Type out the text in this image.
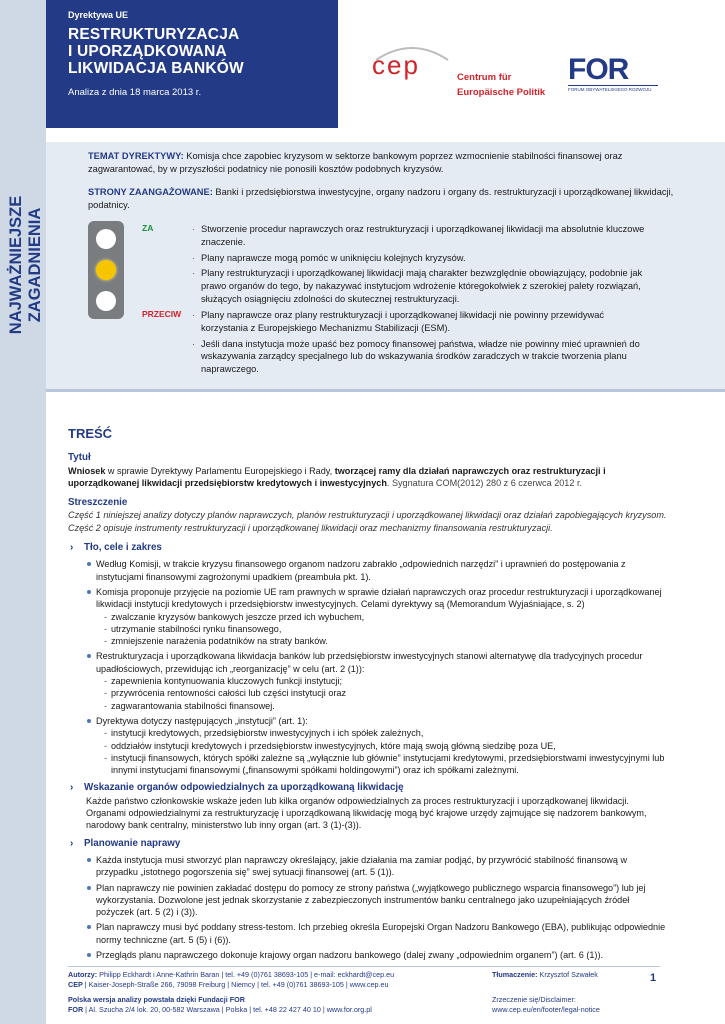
Dyrektywa UE
RESTRUKTURYZACJA
I UPORZĄDKOWANA
LIKWIDACJA BANKÓW
Analiza z dnia 18 marca 2013 r.
cep	Centrum für
Europäische Politik
FOR
FORUM OBYWATELSKIEGO ROZWOJU
NAJWAŻNIEJSZE ZAGADNIENIA
TEMAT DYREKTYWY: Komisja chce zapobiec kryzysom w sektorze bankowym poprzez wzmocnienie stabilności finansowej oraz zagwarantować, by w przyszłości podatnicy nie ponosili kosztów podobnych kryzysów.
STRONY ZAANGAŻOWANE: Banki i przedsiębiorstwa inwestycyjne, organy nadzoru i organy ds. restrukturyzacji i uporządkowanej likwidacji, podatnicy.
ZA
PRZECIW
· Stworzenie procedur naprawczych oraz restrukturyzacji i uporządkowanej likwidacji ma absolutnie kluczowe znaczenie.
· Plany naprawcze mogą pomóc w uniknięciu kolejnych kryzysów.
· Plany restrukturyzacji i uporządkowanej likwidacji mają charakter bezwzględnie obowiązujący, podobnie jak prawo organów do tego, by nakazywać instytucjom wdrożenie któregokolwiek z szerokiej palety rozwiązań, służących osiągnięciu zdolności do skutecznej restrukturyzacji.
· Plany naprawcze oraz plany restrukturyzacji i uporządkowanej likwidacji nie powinny przewidywać korzystania z Europejskiego Mechanizmu Stabilizacji (ESM).
· Jeśli dana instytucja może upaść bez pomocy finansowej państwa, władze nie powinny mieć uprawnień do wskazywania zarządcy specjalnego lub do wskazywania środków zaradczych w trakcie tworzenia planu naprawczego.
TREŚĆ
Tytuł
Wniosek w sprawie Dyrektywy Parlamentu Europejskiego i Rady, tworzącej ramy dla działań naprawczych oraz restrukturyzacji i uporządkowanej likwidacji przedsiębiorstw kredytowych i inwestycyjnych. Sygnatura COM(2012) 280 z 6 czerwca 2012 r.
Streszczenie
Część 1 niniejszej analizy dotyczy planów naprawczych, planów restrukturyzacji i uporządkowanej likwidacji oraz działań zapobiegających kryzysom. Część 2 opisuje instrumenty restrukturyzacji i uporządkowanej likwidacji oraz mechanizmy finansowania restrukturyzacji.
› Tło, cele i zakres
Według Komisji, w trakcie kryzysu finansowego organom nadzoru zabrakło „odpowiednich narzędzi” i uprawnień do postępowania z instytucjami finansowymi zagrożonymi upadkiem (preambuła pkt. 1).
Komisja proponuje przyjęcie na poziomie UE ram prawnych w sprawie działań naprawczych oraz procedur restrukturyzacji i uporządkowanej likwidacji instytucji kredytowych i przedsiębiorstw inwestycyjnych. Celami dyrektywy są (Memorandum Wyjaśniające, s. 2)
- zwalczanie kryzysów bankowych jeszcze przed ich wybuchem,
- utrzymanie stabilności rynku finansowego,
- zmniejszenie narażenia podatników na straty banków.
Restrukturyzacja i uporządkowana likwidacja banków lub przedsiębiorstw inwestycyjnych stanowi alternatywę dla tradycyjnych procedur upadłościowych, przewidując ich „reorganizację” w celu (art. 2 (1)):
- zapewnienia kontynuowania kluczowych funkcji instytucji;
- przywrócenia rentowności całości lub części instytucji oraz
- zagwarantowania stabilności finansowej.
Dyrektywa dotyczy następujących „instytucji” (art. 1):
- instytucji kredytowych, przedsiębiorstw inwestycyjnych i ich spółek zależnych,
- oddziałów instytucji kredytowych i przedsiębiorstw inwestycyjnych, które mają swoją główną siedzibę poza UE,
- instytucji finansowych, których spółki zależne są „wyłącznie lub głównie” instytucjami kredytowymi, przedsiębiorstwami inwestycyjnymi lub innymi instytucjami finansowymi („finansowymi spółkami holdingowymi”) oraz ich spółkami zależnymi.
› Wskazanie organów odpowiedzialnych za uporządkowaną likwidację
Każde państwo członkowskie wskaże jeden lub kilka organów odpowiedzialnych za proces restrukturyzacji i uporządkowanej likwidacji. Organami odpowiedzialnymi za restrukturyzację i uporządkowaną likwidację mogą być krajowe urzędy zajmujące się nadzorem bankowym, narodowy bank centralny, ministerstwo lub inny organ (art. 3 (1)-(3)).
› Planowanie naprawy
Każda instytucja musi stworzyć plan naprawczy określający, jakie działania ma zamiar podjąć, by przywrócić stabilność finansową w przypadku „istotnego pogorszenia się” swej sytuacji finansowej (art. 5 (1)).
Plan naprawczy nie powinien zakładać dostępu do pomocy ze strony państwa („wyjątkowego publicznego wsparcia finansowego”) lub jej wykorzystania. Dozwolone jest jednak skorzystanie z zabezpieczonych instrumentów banku centralnego jako uzupełniających źródeł pożyczek (art. 5 (2) i (3)).
Plan naprawczy musi być poddany stress-testom. Ich przebieg określa Europejski Organ Nadzoru Bankowego (EBA), publikując odpowiednie normy techniczne (art. 5 (5) i (6)).
Przegląds planu naprawczego dokonuje krajowy organ nadzoru bankowego (dalej zwany „odpowiednim organem”) (art. 6 (1)).
Autorzy: Philipp Eckhardt i Anne-Kathrin Baran | tel. +49 (0)761 38693-105 | e-mail: eckhardt@cep.eu
CEP | Kaiser-Joseph-Straße 266, 79098 Freiburg | Niemcy | tel. +49 (0)761 38693-105 | www.cep.eu
Polska wersja analizy powstała dzięki Fundacji FOR
FOR | Al. Szucha 2/4 lok. 20, 00-582 Warszawa | Polska | tel. +48 22 427 40 10 | www.for.org.pl
Tłumaczenie: Krzysztof Szwałek
Zrzeczenie się/Disclaimer:
www.cep.eu/en/footer/legal-notice
1
